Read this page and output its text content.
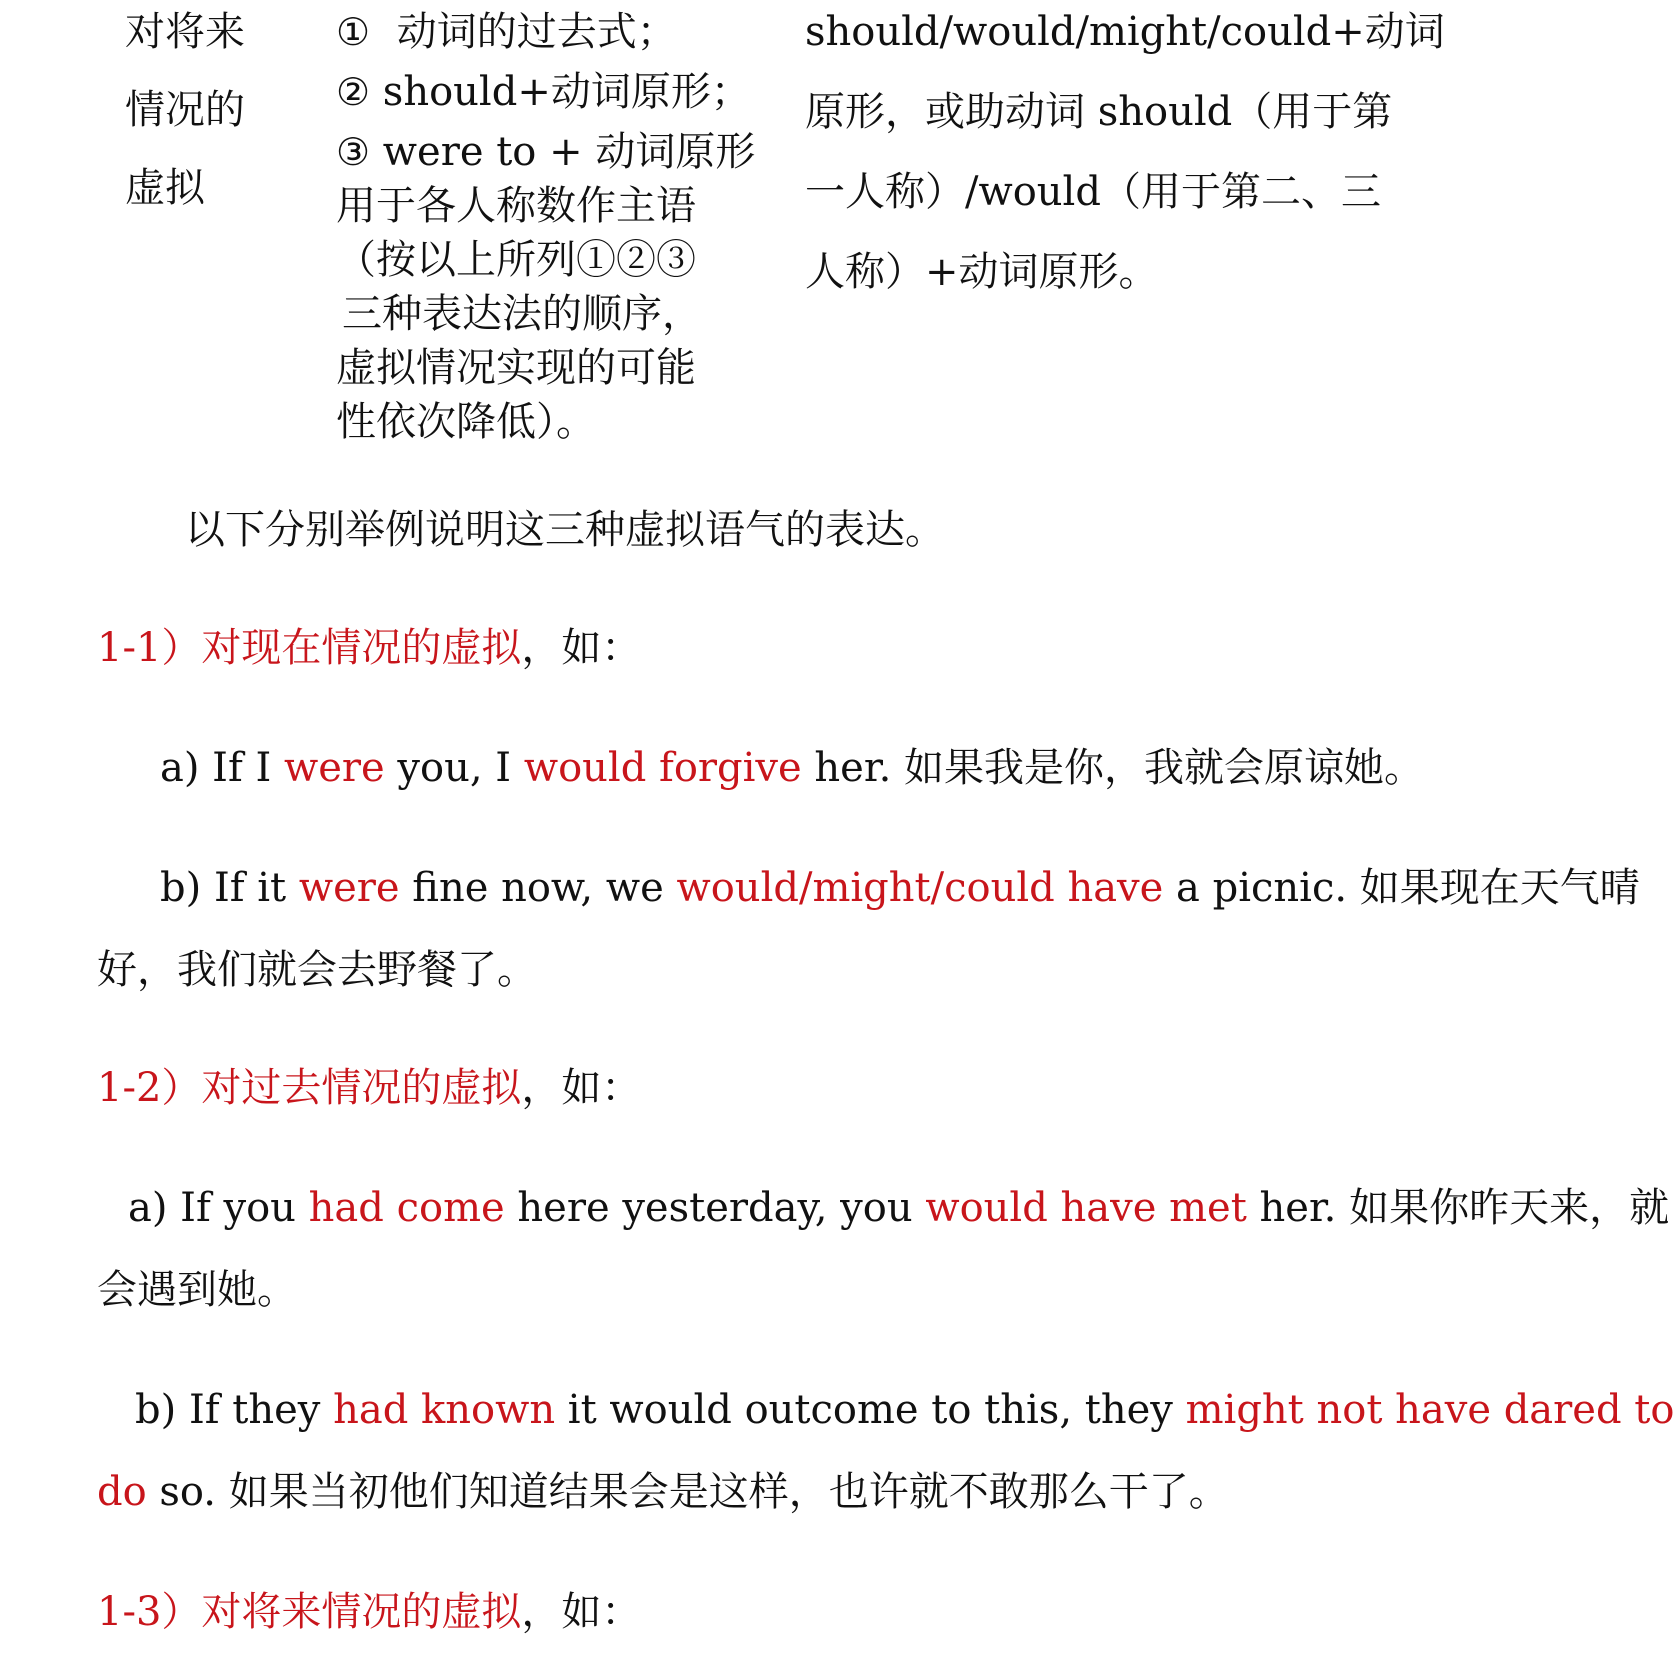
对将来
情况的
虚拟
① 动词的过去式；
② should+动词原形；
③ were to + 动词原形
用于各人称数作主语
（按以上所列①②③
三种表达法的顺序，
虚拟情况实现的可能
性依次降低）。
should/would/might/could+动词
原形，或助动词 should（用于第
一人称）/would（用于第二、三
人称）+动词原形。
以下分别举例说明这三种虚拟语气的表达。
1-1）对现在情况的虚拟，如：
a) If I were you, I would forgive her. 如果我是你，我就会原谅她。
b) If it were fine now, we would/might/could have a picnic. 如果现在天气晴
好，我们就会去野餐了。
1-2）对过去情况的虚拟，如：
a) If you had come here yesterday, you would have met her. 如果你昨天来，就
会遇到她。
b) If they had known it would outcome to this, they might not have dared to
do so. 如果当初他们知道结果会是这样，也许就不敢那么干了。
1-3）对将来情况的虚拟，如：
